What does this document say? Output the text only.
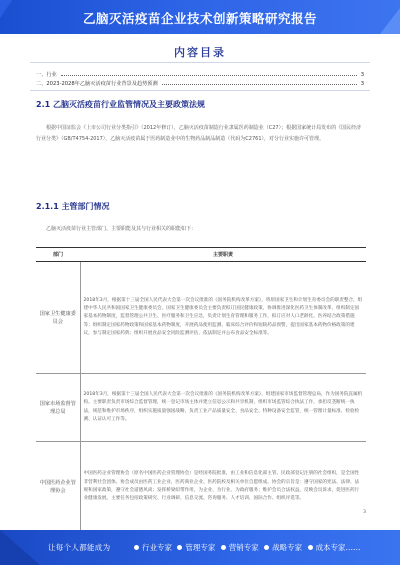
乙脑灭活疫苗企业技术创新策略研究报告
内容目录
一、行业	3
二、2023-2028年乙脑灭活疫苗行业背景及趋势预测	3
2.1 乙脑灭活疫苗行业监管情况及主要政策法规
根据中国证监会《上市公司行业分类指引》（2012年修订），乙脑灭活疫苗制造行业隶属医药制造业（C27）；根据国家统计局发布的《国民经济行业分类》（GB/T4754-2017），乙脑灭活疫苗属于医药制造业中的生物药品制品制造（代码为C2761），对分行业实施许可管理。
2.1.1 主管部门情况
乙脑灭活疫苗行业主管部门、主要职能及其与行业相关的职能如下：
部门	主要职责
国家卫生健康委员会	2018年3月，根据第十三届全国人民代表大会第一次会议批准的《国务院机构改革方案》，将原国家卫生和计划生育委员会的职责整合，组建中华人民共和国国家卫生健康委员会。国家卫生健康委员会主要负责拟订国民健康政策，协调推进深化医药卫生体制改革，组织制定国家基本药物制度，监督管理公共卫生、医疗服务和卫生应急，负责计划生育管理和服务工作，拟订应对人口老龄化、医养结合政策措施等；组织制定国家药物政策和国家基本药物制度，开展药品使用监测、临床综合评价和短缺药品预警，提出国家基本药物价格政策的建议，参与制定国家药典；组织开展食品安全风险监测评估，依法制定并公布食品安全标准等。
国家市场监督管理总局	2018年3月，根据第十三届全国人民代表大会第一次会议批准的《国务院机构改革方案》，组建国家市场监督管理总局，作为国务院直属机构。主要职责负责市场综合监督管理，统一登记市场主体并建立信息公示和共享机制，组织市场监管综合执法工作，承担反垄断统一执法，规范和维护市场秩序，组织实施质量强国战略，负责工业产品质量安全、食品安全、特种设备安全监管，统一管理计量标准、检验检测、认证认可工作等。
中国医药企业管理协会	中国医药企业管理协会（原名中国医药企业管理协会）是经国务院批准，由工业和信息化部主管、民政部登记注册的社会组织，是全国性非营利社会团体。协会成员由医药工业企业、医药商业企业、医药院校及相关单位自愿组成。协会的宗旨是：遵守国家的宪法、法律、法规和国家政策，遵守社会道德风尚；发挥桥梁纽带作用，为企业、为行业、为政府服务；维护会员合法权益，反映会员诉求，促进医药行业健康发展。主要任务包括政策研究、行业调研、信息交流、咨询服务、人才培训、国际合作、组织评选等。
3
让每个人都能成为	行业专家 管理专家 营销专家 战略专家 成本专家……
